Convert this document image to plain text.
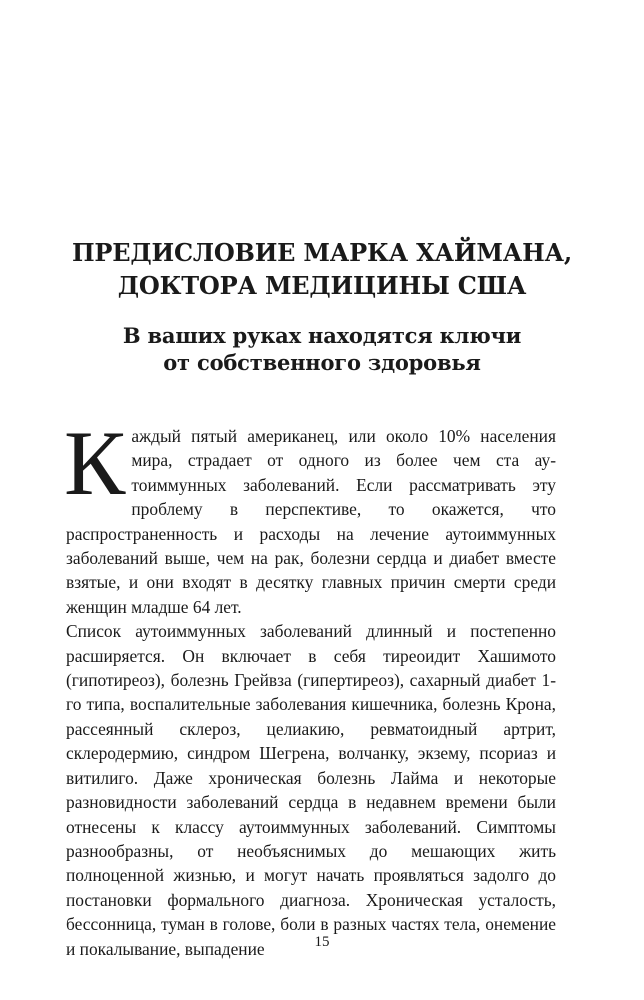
ПРЕДИСЛОВИЕ МАРКА ХАЙМАНА,
ДОКТОРА МЕДИЦИНЫ США
В ваших руках находятся ключи
от собственного здоровья

Каждый пятый американец, или около 10% населения мира, страдает от одного из более чем ста аутоиммунных заболеваний. Если рассматривать эту проблему в перспективе, то окажется, что распространенность и расходы на лечение аутоиммунных заболеваний выше, чем на рак, болезни сердца и диабет вместе взятые, и они входят в десятку главных причин смерти среди женщин младше 64 лет.

Список аутоиммунных заболеваний длинный и постепенно расширяется. Он включает в себя тиреоидит Хашимото (гипотиреоз), болезнь Грейвза (гипертиреоз), сахарный диабет 1-го типа, воспалительные заболевания кишечника, болезнь Крона, рассеянный склероз, целиакию, ревматоидный артрит, склеродермию, синдром Шегрена, волчанку, экзему, псориаз и витилиго. Даже хроническая болезнь Лайма и некоторые разновидности заболеваний сердца в недавнем времени были отнесены к классу аутоиммунных заболеваний. Симптомы разнообразны, от необъяснимых до мешающих жить полноценной жизнью, и могут начать проявляться задолго до постановки формального диагноза. Хроническая усталость, бессонница, туман в голове, боли в разных частях тела, онемение и покалывание, выпадение	15
